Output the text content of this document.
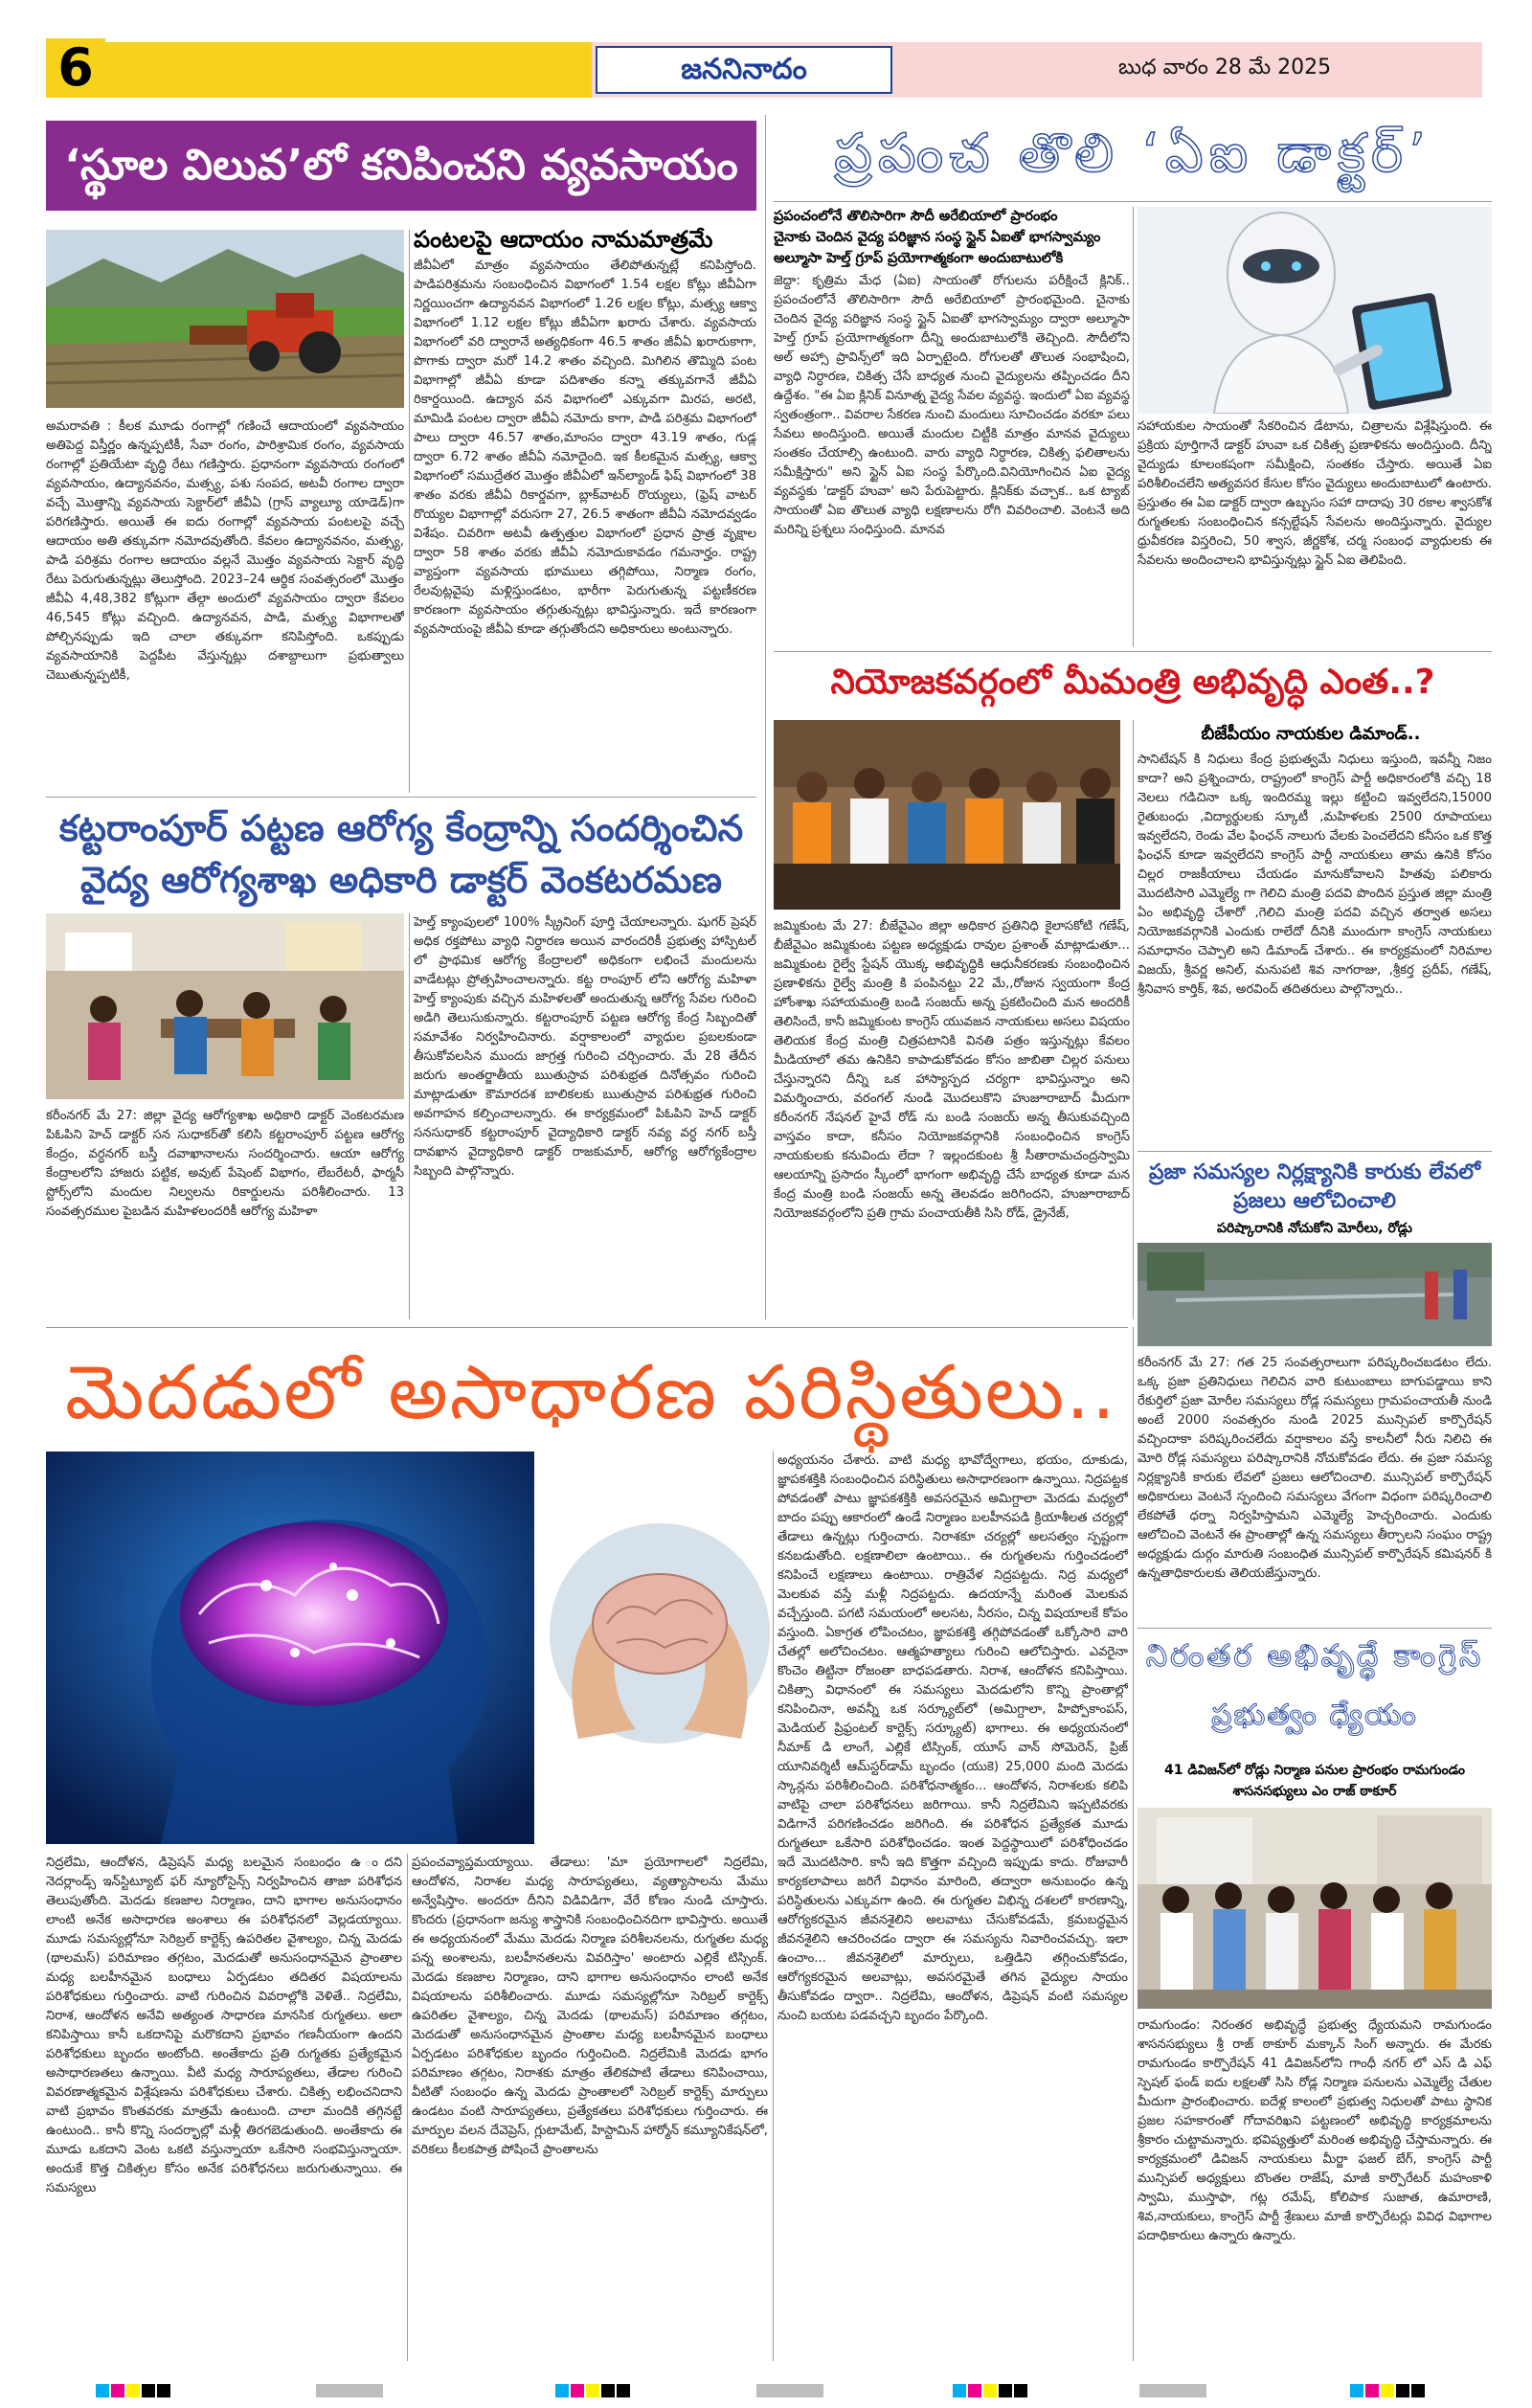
6	జననినాదం	బుధ వారం 28 మే 2025
‘స్థూల విలువ’లో కనిపించని వ్యవసాయం
పంటలపై ఆదాయం నామమాత్రమే
అమరావతి : కీలక మూడు రంగాల్లో గణించే ఆదాయంలో వ్యవసాయం అతిపెద్ద విస్తీర్ణం ఉన్నప్పటికీ, సేవా రంగం, పారిశ్రామిక రంగం, వ్యవసాయ రంగాల్లో ప్రతియేటా వృద్ధి రేటు గణిస్తారు. ప్రధానంగా వ్యవసాయ రంగంలో వ్యవసాయం, ఉద్యానవనం, మత్స్య, పశు సంపద, అటవీ రంగాల ద్వారా వచ్చే మొత్తాన్ని వ్యవసాయ సెక్టార్‌లో జీవీఏ (గ్రాస్ వ్యాల్యూ యాడెడ్)గా పరిగణిస్తారు. అయితే ఈ ఐదు రంగాల్లో వ్యవసాయ పంటలపై వచ్చే ఆదాయం అతి తక్కువగా నమోదవుతోంది. కేవలం ఉద్యానవనం, మత్స్య, పాడి పరిశ్రమ రంగాల ఆదాయం వల్లనే మొత్తం వ్యవసాయ సెక్టార్ వృద్ధి రేటు పెరుగుతున్నట్లు తెలుస్తోంది. 2023–24 ఆర్థిక సంవత్సరంలో మొత్తం జీవీఏ 4,48,382 కోట్లుగా తేల్గా అందులో వ్యవసాయం ద్వారా కేవలం 46,545 కోట్లు వచ్చింది. ఉద్యానవన, పాడి, మత్స్య విభాగాలతో పోల్చినప్పుడు ఇది చాలా తక్కువగా కనిపిస్తోంది. ఒకప్పుడు వ్యవసాయానికి పెద్దపీట వేస్తున్నట్లు దశాబ్దాలుగా ప్రభుత్వాలు చెబుతున్నప్పటికీ,
జీవీఏలో మాత్రం వ్యవసాయం తేలిపోతున్నట్లే కనిపిస్తోంది. పాడిపరిశ్రమను సంబంధించిన విభాగంలో 1.54 లక్షల కోట్లు జీవీఏగా నిర్ణయించగా ఉద్యానవన విభాగంలో 1.26 లక్షల కోట్లు, మత్స్య ఆక్వా విభాగంలో 1.12 లక్షల కోట్లు జీవీఏగా ఖరారు చేశారు. వ్యవసాయ విభాగంలో వరి ద్వారానే అత్యధికంగా 46.5 శాతం జీవీఏ ఖరారుకాగా, పొగాకు ద్వారా మరో 14.2 శాతం వచ్చింది. మిగిలిన తొమ్మిది పంట విభాగాల్లో జీవీఏ కూడా పదిశాతం కన్నా తక్కువగానే జీవీఏ రికార్డయింది. ఉద్యాన వన విభాగంలో ఎక్కువగా మిరప, అరటి, మామిడి పంటల ద్వారా జీవీఏ నమోదు కాగా, పాడి పరిశ్రమ విభాగంలో పాలు ద్వారా 46.57 శాతం,మాంసం ద్వారా 43.19 శాతం, గుడ్ల ద్వారా 6.72 శాతం జీవీఏ నమోదైంది. ఇక కీలకమైన మత్స్య, ఆక్వా విభాగంలో సముద్రేతర మొత్తం జీవీఏలో ఇన్‌ల్యాండ్ ఫిష్ విభాగంలో 38 శాతం వరకు జీవీఏ రికార్డవగా, బ్లాక్‌వాటర్ రొయ్యలు, (ఫ్రెష్ వాటర్ రొయ్యల విభాగాల్లో వరుసగా 27, 26.5 శాతంగా జీవీఏ నమోదవ్వడం విశేషం. చివరిగా అటవీ ఉత్పత్తుల విభాగంలో ప్రధాన ప్రాత్ర వృక్షాల ద్వారా 58 శాతం వరకు జీవీఏ నమోదుకావడం గమనార్హం. రాష్ట్ర వ్యాప్తంగా వ్యవసాయ భూములు తగ్గిపోయి, నిర్మాణ రంగం, రేలవుట్లవైపు మళ్లిస్తుండటం, భారీగా పెరుగుతున్న పట్టణీకరణ కారణంగా వ్యవసాయం తగ్గుతున్నట్లు భావిస్తున్నారు. ఇదే కారణంగా వ్యవసాయంపై జీవీఏ కూడా తగ్గుతోందని అధికారులు అంటున్నారు.
ప్రపంచ తొలి ‘ఏఐ డాక్టర్’
ప్రపంచంలోనే తొలిసారిగా సౌదీ అరేబియాలో ప్రారంభం
చైనాకు చెందిన వైద్య పరిజ్ఞాన సంస్థ స్టైన్ ఏఐతో భాగస్వామ్యం
అల్మూసా హెల్త్ గ్రూప్ ప్రయోగాత్మకంగా అందుబాటులోకి
జెద్దా: కృత్రిమ మేధ (ఏఐ) సాయంతో రోగులను పరీక్షించే క్లినిక్.. ప్రపంచంలోనే తొలిసారిగా సౌదీ అరేబియాలో ప్రారంభమైంది. చైనాకు చెందిన వైద్య పరిజ్ఞాన సంస్థ స్టైన్ ఏఐతో భాగస్వామ్యం ద్వారా అల్మూసా హెల్త్ గ్రూప్ ప్రయోగాత్మకంగా దీన్ని అందుబాటులోకి తెచ్చింది. సౌదీలోని అల్ అహ్సా ప్రావిన్స్‌లో ఇది ఏర్పాటైంది. రోగులతో తొలుత సంభాషించి, వ్యాధి నిర్ధారణ, చికిత్స చేసే బాధ్యత నుంచి వైద్యులను తప్పించడం దీని ఉద్దేశం. "ఈ ఏఐ క్లినిక్ వినూత్న వైద్య సేవల వ్యవస్థ. ఇందులో ఏఐ వ్యవస్థ స్వతంత్రంగా.. వివరాల సేకరణ నుంచి మందులు సూచించడం వరకూ పలు సేవలు అందిస్తుంది. అయితే మందుల చిట్టీకి మాత్రం మానవ వైద్యులు సంతకం చేయాల్సి ఉంటుంది. వారు వ్యాధి నిర్ధారణ, చికిత్స ఫలితాలను సమీక్షిస్తారు" అని స్టైన్ ఏఐ సంస్థ పేర్కొంది.వినియోగించిన ఏఐ వైద్య వ్యవస్థకు 'డాక్టర్ హువా' అని పేరుపెట్టారు. క్లినిక్‌కు వచ్చాక.. ఒక ట్యాబ్ సాయంతో ఏఐ తొలుత వ్యాధి లక్షణాలను రోగి వివరించాలి. వెంటనే అది మరిన్ని ప్రశ్నలు సంధిస్తుంది. మానవ
సహాయకుల సాయంతో సేకరించిన డేటాను, చిత్రాలను విశ్లేషిస్తుంది. ఈ ప్రక్రియ పూర్తిగానే డాక్టర్ హువా ఒక చికిత్స ప్రణాళికను అందిస్తుంది. దీన్ని వైద్యుడు కూలంకషంగా సమీక్షించి, సంతకం చేస్తారు. అయితే ఏఐ పరిశీలించలేని అత్యవసర కేసుల కోసం వైద్యులు అందుబాటులో ఉంటారు. ప్రస్తుతం ఈ ఏఐ డాక్టర్ ద్వారా ఉబ్బసం సహా దాదాపు 30 రకాల శ్వాసకోశ రుగ్మతలకు సంబంధించిన కన్సల్టేషన్ సేవలను అందిస్తున్నారు. వైద్యుల ధ్రువీకరణ విస్తరించి, 50 శ్వాస, జీర్ణకోశ, చర్మ సంబంధ వ్యాధులకు ఈ సేవలను అందించాలని భావిస్తున్నట్లు స్టైన్ ఏఐ తెలిపింది.
నియోజకవర్గంలో మీమంత్రి అభివృద్ధి ఎంత..?
బీజేపీయం నాయకుల డిమాండ్..
సానిటేషన్ కి నిధులు కేంద్ర ప్రభుత్వమే నిధులు ఇస్తుంది, ఇవన్నీ నిజం కాదా? అని ప్రశ్నించారు, రాష్ట్రంలో కాంగ్రెస్ పార్టీ అధికారంలోకి వచ్చి 18 నెలలు గడిచినా ఒక్క ఇందిరమ్మ ఇల్లు కట్టించి ఇవ్వలేదని,15000 రైతుబంధు ,విద్యార్థులకు స్కూటీ ,మహిళలకు 2500 రూపాయలు ఇవ్వలేదని, రెండు వేల ఫింఛన్ నాలుగు వేలకు పెంచలేదని కనీసం ఒక కొత్త ఫింఛన్ కూడా ఇవ్వలేదని కాంగ్రెస్ పార్టీ నాయకులు తామ ఉనికి కోసం చిల్లర రాజకీయాలు చేయడం మానుకోవాలని హితవు పలికారు మొదటిసారి ఎమ్మెల్యే గా గెలిచి మంత్రి పదవి పొందిన ప్రస్తుత జిల్లా మంత్రి ఏం అభివృద్ధి చేశారో ,గెలిచి మంత్రి పదవి వచ్చిన తర్వాత అసలు నియోజకవర్గానికి ఎందుకు రాలేదో దీనికి ముందుగా కాంగ్రెస్ నాయకులు సమాధానం చెప్పాలి అని డిమాండ్ చేశారు.. ఈ కార్యక్రమంలో నిరిమాల విజయ్, శ్రీవర్ణ అనిల్, మనుపటి శివ నాగరాజు, ,శ్రీకర్త ప్రదీప్, గణేష్, శ్రీనివాస కార్తిక్, శివ, అరవింద్ తదితరులు పాల్గొన్నారు..
జమ్మికుంట మే 27: బీజేవైఎం జిల్లా అధికార ప్రతినిధి కైలాసకోటి గణేష్, బీజేవైఎం జమ్మికుంట పట్టణ అధ్యక్షుడు రావుల ప్రశాంత్ మాట్లాడుతూ... జమ్మికుంట రైల్వే స్టేషన్ యొక్క అభివృద్ధికి ఆధునీకరణకు సంబంధించిన ప్రణాళికను రైల్వే మంత్రి కి పంపినట్టు 22 మే,,రోజున స్వయంగా కేంద్ర హోంశాఖ సహాయమంత్రి బండి సంజయ్ అన్న ప్రకటించింది మన అందరికీ తెలిసిందే, కానీ జమ్మికుంట కాంగ్రెస్ యువజన నాయకులు అసలు విషయం తెలియక కేంద్ర మంత్రి చిత్రపటానికి వినతి పత్రం ఇస్తున్నట్లు కేవలం మీడియాలో తమ ఉనికిని కాపాడుకోవడం కోసం జాబితా చిల్లర పనులు చేస్తున్నారని దీన్ని ఒక హాస్యాస్పద చర్యగా భావిస్తున్నాం అని విమర్శించారు, వరంగల్ నుండి మొదలుకొని హుజూరాబాద్ మీదుగా కరీంనగర్ నేషనల్ హైవే రోడ్ ను బండి సంజయ్ అన్న తీసుకువచ్చింది వాస్తవం కాదా, కనీసం నియోజకవర్గానికి సంబంధించిన కాంగ్రెస్ నాయకులకు కనువిందు లేదా ? ఇల్లందకుంట శ్రీ సీతారామచంద్రస్వామి ఆలయాన్ని ప్రసాదం స్కీంలో భాగంగా అభివృద్ధి చేసే బాధ్యత కూడా మన కేంద్ర మంత్రి బండి సంజయ్ అన్న తెలవడం జరిగిందని, హుజూరాబాద్ నియోజకవర్గంలోని ప్రతి గ్రామ పంచాయతీకి సిసి రోడ్, డ్రైనేజ్,
కట్టరాంపూర్ పట్టణ ఆరోగ్య కేంద్రాన్ని సందర్శించిన వైద్య ఆరోగ్యశాఖ అధికారి డాక్టర్ వెంకటరమణ
కరీంనగర్ మే 27: జిల్లా వైద్య ఆరోగ్యశాఖ అధికారి డాక్టర్ వెంకటరమణ పిఓపిని హెచ్ డాక్టర్ సన సుధాకర్‌తో కలిసి కట్టరాంపూర్ పట్టణ ఆరోగ్య కేంద్రం, వర్ధనగర్ బస్తీ దవాఖానాలను సందర్శించారు. ఆయా ఆరోగ్య కేంద్రాలలోని హాజరు పట్టిక, అవుట్ పేషెంట్ విభాగం, లేబరేటరీ, ఫార్మసీ స్టోర్స్‌లోని మందుల నిల్వలను రికార్డులను పరిశీలించారు. 13 సంవత్సరముల పైబడిన మహిళలందరికీ ఆరోగ్య మహిళా
హెల్త్ క్యాంపులలో 100% స్క్రీనింగ్ పూర్తి చేయాలన్నారు. షుగర్ ప్రెషర్ అధిక రక్తపోటు వ్యాధి నిర్ధారణ అయిన వారందరికీ ప్రభుత్వ హాస్పిటల్ లో ప్రాథమిక ఆరోగ్య కేంద్రాలలో అధికంగా లభించే మందులను వాడేటట్లు ప్రోత్సహించాలన్నారు. కట్ట రాంపూర్ లోని ఆరోగ్య మహిళా హెల్త్ క్యాంపుకు వచ్చిన మహిళలతో అందుతున్న ఆరోగ్య సేవల గురించి అడిగి తెలుసుకున్నారు. కట్టరాంపూర్ పట్టణ ఆరోగ్య కేంద్ర సిబ్బందితో సమావేశం నిర్వహించినారు. వర్షాకాలంలో వ్యాధుల ప్రబలకుండా తీసుకోవలసిన ముందు జాగ్రత్త గురించి చర్చించారు. మే 28 తేదీన జరుగు అంతర్జాతీయ ఋతుస్రావ పరిశుభ్రత దినోత్సవం గురించి మాట్లాడుతూ కౌమారదశ బాలికలకు ఋతుస్రావ పరిశుభ్రత గురించి అవగాహన కల్పించాలన్నారు. ఈ కార్యక్రమంలో పిఓపిని హెచ్ డాక్టర్ సనసుధాకర్ కట్టరాంపూర్ వైద్యాధికారి డాక్టర్ నవ్య వర్ధ నగర్ బస్తీ దావఖాన వైద్యాధికారి డాక్టర్ రాజకుమార్, ఆరోగ్య ఆరోగ్యకేంద్రాల సిబ్బంది పాల్గొన్నారు.	ప్రజా సమస్యల నిర్లక్ష్యానికి కారుకు లేవలో ప్రజలు ఆలోచించాలి
పరిష్కారానికి నోచుకోని మోరీలు, రోడ్లు
కరీంనగర్ మే 27: గత 25 సంవత్సరాలుగా పరిష్కరించబడటం లేదు. ఒక్క ప్రజా ప్రతినిధులు గెలిచిన వారి కుటుంబాలు బాగుపడ్డాయి కాని రేకుర్తిలో ప్రజా మోరీల సమస్యలు రోడ్ల సమస్యలు గ్రామపంచాయతీ నుండి అంటే 2000 సంవత్సరం నుండి 2025 మున్సిపల్ కార్పొరేషన్ వచ్చిందాకా పరిష్కరించలేదు వర్షాకాలం వస్తే కాలనీలో నీరు నిలిచి ఈ మోరి రోడ్ల సమస్యలు పరిష్కారానికి నోచుకోవడం లేదు. ఈ ప్రజా సమస్య నిర్లక్ష్యానికి కారుకు లేవలో ప్రజలు ఆలోచించాలి. మున్సిపల్ కార్పొరేషన్ అధికారులు వెంటనే స్పందించి సమస్యలు వేగంగా విధంగా పరిష్కరించాలి లేకపోతే ధర్నా నిర్వహిస్తామని ఎమ్మెల్యే హెచ్చరించారు. ఎందుకు ఆలోచించి వెంటనే ఈ ప్రాంతాల్లో ఉన్న సమస్యలు తీర్చాలని సంఘం రాష్ట్ర అధ్యక్షుడు దుర్గం మారుతి సంబంధిత మున్సిపల్ కార్పొరేషన్ కమిషనర్ కి ఉన్నతాధికారులకు తెలియజేస్తున్నారు.
మెదడులో అసాధారణ పరిస్థితులు..
నిద్రలేమి, ఆందోళన, డిప్రెషన్ మధ్య బలమైన సంబంధం ఉ ందని నెదర్లాండ్స్ ఇన్‌స్టిట్యూట్ ఫర్ న్యూరోసైన్స్ నిర్వహించిన తాజా పరిశోధన తెలుపుతోంది. మెదడు కణజాల నిర్మాణం, దాని భాగాల అనుసంధానం లాంటి అనేక అసాధారణ అంశాలు ఈ పరిశోధనలో వెల్లడయ్యాయి. మూడు సమస్యల్లోనూ సెరిబ్రల్ కార్టెక్స్ ఉపరితల వైశాల్యం, చిన్న మెదడు (థాలమస్) పరిమాణం తగ్గటం, మెదడుతో అనుసంధానమైన ప్రాంతాల మధ్య బలహీనమైన బంధాలు ఏర్పడటం తదితర విషయాలను పరిశోధకులు గుర్తించారు. వాటి గురించిన వివరాల్లోకి వెళితే.. నిద్రలేమి, నిరాశ, ఆందోళన అనేవి అత్యంత సాధారణ మానసిక రుగ్మతలు. అలా కనిపిస్తాయి కానీ ఒకదానిపై మరొకదాని ప్రభావం గణనీయంగా ఉందని పరిశోధకులు బృందం అంటోంది. అంతేకాదు ప్రతి రుగ్మతకు ప్రత్యేకమైన అసాధారణతలు ఉన్నాయి. వీటి మధ్య సారూప్యతలు, తేడాల గురించి వివరణాత్మకమైన విశ్లేషణను పరిశోధకులు చేశారు. చికిత్స లభించనిదాని వాటి ప్రభావం కొంతవరకు మాత్రమే ఉంటుంది. చాలా మందికి తగ్గినట్టే ఉంటుంది.. కానీ కొన్ని సందర్భాల్లో మళ్లీ తిరగబెడుతుంది. అంతేకాదు ఈ మూడు ఒకదాని వెంట ఒకటి వస్తున్నాయా ఒకేసారి సంభవిస్తున్నాయా. అందుకే కొత్త చికిత్సల కోసం అనేక పరిశోధనలు జరుగుతున్నాయి. ఈ సమస్యలు
ప్రపంచవ్యాప్తమయ్యాయి. తేడాలు: 'మా ప్రయోగాలలో నిద్రలేమి, ఆందోళన, నిరాశల మధ్య సారూప్యతలు, వ్యత్యాసాలను మేము అన్వేషిస్తాం. అందరూ దీనిని విడివిడిగా, వేరే కోణం నుండి చూస్తారు. కొందరు (ప్రధానంగా జన్యు శాస్త్రానికి సంబంధించినదిగా భావిస్తారు. అయితే ఈ అధ్యయనంలో మేము మెదడు నిర్మాణ పరిశీలనలను, రుగ్మతల మధ్య పన్న అంశాలను, బలహీనతలను వివరిస్తాం' అంటారు ఎల్లికే టిస్సింక్. మెదడు కణజాల నిర్మాణం, దాని భాగాల అనుసంధానం లాంటి అనేక విషయాలను పరిశీలించారు. మూడు సమస్యల్లోనూ సెరిబ్రల్ కార్టెక్స్ ఉపరితల వైశాల్యం, చిన్న మెదడు (థాలమస్) పరిమాణం తగ్గటం, మెదడుతో అనుసంధానమైన ప్రాంతాల మధ్య బలహీనమైన బంధాలు ఏర్పడటం పరిశోధకుల బృందం గుర్తించింది. నిద్రలేమికి మెదడు భాగం పరిమాణం తగ్గటం, నిరాశకు మాత్రం తేలికపాటి తేడాలు కనిపించాయి, వీటితో సంబంధం ఉన్న మెదడు ప్రాంతాలలో సెరిబ్రల్ కార్టెక్స్ మార్పులు ఉండటం వంటి సారూప్యతలు, ప్రత్యేకతలు పరిశోధకులు గుర్తించారు. ఈ మార్పుల వలన దేవెప్రెస్, గ్లుటామేట్, హిస్టామిన్ హార్మోన్ కమ్యూనికేషన్‌లో, వరికలు కీలకపాత్ర పోషించే ప్రాంతాలను
అధ్యయనం చేశారు. వాటి మధ్య భావోద్వేగాలు, భయం, దూకుడు, జ్ఞాపకశక్తికి సంబంధించిన పరిస్థితులు అసాధారణంగా ఉన్నాయి. నిద్రపట్టక పోవడంతో పాటు జ్ఞాపకశక్తికి అవసరమైన అమిగ్దాలా మెదడు మధ్యలో బాదం పప్పు ఆకారంలో ఉండే నిర్మాణం బలహీనపడి క్రియాశీలత చర్యల్లో తేడాలు ఉన్నట్లు గుర్తించారు. నిరాశకూ చర్యల్లో అలసత్వం స్పష్టంగా కనబడుతోంది. లక్షణాలిలా ఉంటాయి.. ఈ రుగ్మతలను గుర్తించడంలో కనిపించే లక్షణాలు ఉంటాయి. రాత్రివేళ నిద్రపట్టదు. నిద్ర మధ్యలో మెలకువ వస్తే మళ్లీ నిద్రపట్టదు. ఉదయాన్నే మరింత మెలకువ వచ్చేస్తుంది. పగటి సమయంలో అలసట, నీరసం, చిన్న విషయాలకే కోపం వస్తుంది. ఏకాగ్రత లోపించటం, జ్ఞాపకశక్తి తగ్గిపోవడంతో ఒక్కోసారి వారి చేతల్లో అలోచించటం. ఆత్మహత్యాలు గురించి ఆలోచిస్తారు. ఎవరైనా కొంచెం తిట్టినా రోజంతా బాధపడతారు. నిరాశ, ఆందోళన కనిపిస్తాయి. చికిత్సా విధానంలో ఈ సమస్యలు మెదడులోని కొన్ని ప్రాంతాల్లో కనిపించినా, అవన్నీ ఒక సర్క్యూట్‌లో (అమిగ్దాలా, హిప్పోకాంపస్, మెడియల్ ప్రిఫ్రంటల్ కార్టెక్స్ సర్క్యూట్) భాగాలు. ఈ అధ్యయనంలో నీమాక్ డి లాంగే, ఎల్లికే టిస్సింక్, యూస్ వాన్ సోమెరెన్, ప్రిజ్ యూనివర్శిటీ ఆమ్‌స్టర్‌డామ్ బృందం (యుకె) 25,000 మంది మెదడు స్కాన్లను పరిశీలించింది. పరిశోధనాత్మకం... ఆందోళన, నిరాశలకు కలిపి వాటిపై చాలా పరిశోధనలు జరిగాయి. కానీ నిద్రలేమిని ఇప్పటివరకు విడిగానే పరిగణించడం జరిగింది. ఈ పరిశోధన ప్రత్యేకత మూడు రుగ్మతలూ ఒకేసారి పరిశోధించడం. ఇంత పెద్దస్థాయిలో పరిశోధించడం ఇదే మొదటిసారి. కానీ ఇది కొత్తగా వచ్చింది ఇప్పుడు కాదు. రోజువారీ కార్యకలాపాలు జరిగే విధానం మారింది, తద్వారా అనుబంధం ఉన్న పరిస్థితులను ఎక్కువగా ఉంది. ఈ రుగ్మతల విభిన్న దశలలో కారణాన్ని, ఆరోగ్యకరమైన జీవనశైలిని అలవాటు చేసుకోవడమే, క్రమబద్ధమైన జీవనశైలిని ఆచరించడం ద్వారా ఈ సమస్యను నివారించవచ్చు. ఇలా ఉంచాం... జీవనశైలిలో మార్పులు, ఒత్తిడిని తగ్గించుకోవడం, ఆరోగ్యకరమైన అలవాట్లు, అవసరమైతే తగిన వైద్యుల సాయం తీసుకోవడం ద్వారా.. నిద్రలేమి, ఆందోళన, డిప్రెషన్ వంటి సమస్యల నుంచి బయట పడవచ్చని బృందం పేర్కొంది.
నిరంతర అభివృద్ధే కాంగ్రెస్
ప్రభుత్వం ధ్యేయం
41 డివిజన్‌లో రోడ్లు నిర్మాణ పనుల ప్రారంభం రామగుండం శాసనసభ్యులు ఎం రాజ్ ఠాకూర్
రామగుండం: నిరంతర అభివృద్ధే ప్రభుత్వ ధ్యేయమని రామగుండం శాసనసభ్యులు శ్రీ రాజ్ ఠాకూర్ మక్కాన్ సింగ్ అన్నారు. ఈ మేరకు రామగుండం కార్పొరేషన్ 41 డివిజన్‌లోని గాంధీ నగర్ లో ఎస్ డి ఎఫ్ స్పెషల్ ఫండ్ ఐదు లక్షలతో సిసి రోడ్ల నిర్మాణ పనులను ఎమ్మెల్యే చేతుల మీదుగా ప్రారంభించారు. ఐదేళ్ల కాలంలో ప్రభుత్వ నిధులతో పాటు స్థానిక ప్రజల సహకారంతో గోదావరిఖని పట్టణంలో అభివృద్ధి కార్యక్రమాలను శ్రీకారం చుట్టామన్నారు. భవిష్యత్తులో మరింత అభివృద్ధి చేస్తామన్నారు. ఈ కార్యక్రమంలో డివిజన్ నాయకులు మీర్జా ఫజల్ బేగ్, కాంగ్రెస్ పార్టీ మున్సిపల్ అధ్యక్షులు బొంతల రాజేష్, మాజీ కార్పొరేటర్ మహంకాళి స్వామి, ముస్తాఫా, గట్ల రమేష్, కోలిపాక సుజాత, ఉమారాణి, శివ,నాయకులు, కాంగ్రెస్ పార్టీ శ్రేణులు మాజీ కార్పొరేటర్లు వివిధ విభాగాల పదాధికారులు ఉన్నారు ఉన్నారు.
